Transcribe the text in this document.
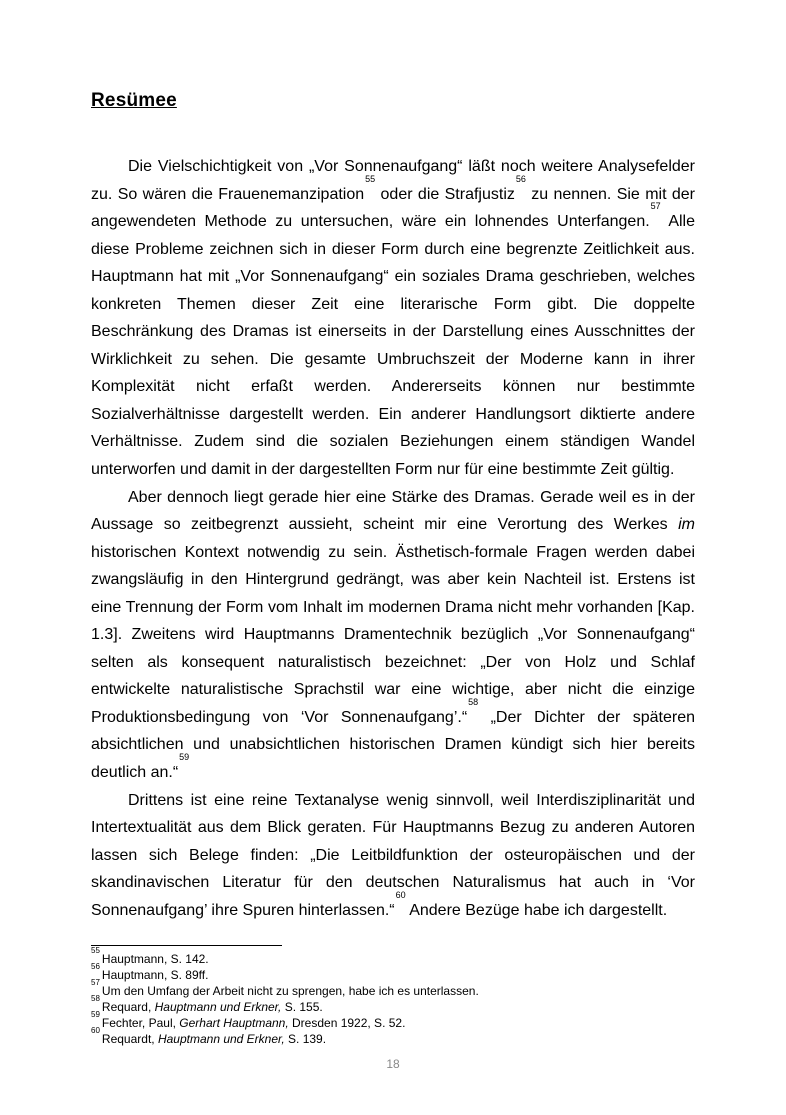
Resümee

Die Vielschichtigkeit von „Vor Sonnenaufgang“ läßt noch weitere Analysefelder zu. So wären die Frauenemanzipation$^{55}$ oder die Strafjustiz$^{56}$ zu nennen. Sie mit der angewendeten Methode zu untersuchen, wäre ein lohnendes Unterfangen.$^{57}$ Alle diese Probleme zeichnen sich in dieser Form durch eine begrenzte Zeitlichkeit aus. Hauptmann hat mit „Vor Sonnenaufgang“ ein soziales Drama geschrieben, welches konkreten Themen dieser Zeit eine literarische Form gibt. Die doppelte Beschränkung des Dramas ist einerseits in der Darstellung eines Ausschnittes der Wirklichkeit zu sehen. Die gesamte Umbruchszeit der Moderne kann in ihrer Komplexität nicht erfaßt werden. Andererseits können nur bestimmte Sozialverhältnisse dargestellt werden. Ein anderer Handlungsort diktierte andere Verhältnisse. Zudem sind die sozialen Beziehungen einem ständigen Wandel unterworfen und damit in der dargestellten Form nur für eine bestimmte Zeit gültig.

Aber dennoch liegt gerade hier eine Stärke des Dramas. Gerade weil es in der Aussage so zeitbegrenzt aussieht, scheint mir eine Verortung des Werkes im historischen Kontext notwendig zu sein. Ästhetisch-formale Fragen werden dabei zwangsläufig in den Hintergrund gedrängt, was aber kein Nachteil ist. Erstens ist eine Trennung der Form vom Inhalt im modernen Drama nicht mehr vorhanden [Kap. 1.3]. Zweitens wird Hauptmanns Dramentechnik bezüglich „Vor Sonnenaufgang“ selten als konsequent naturalistisch bezeichnet: „Der von Holz und Schlaf entwickelte naturalistische Sprachstil war eine wichtige, aber nicht die einzige Produktionsbedingung von ‘Vor Sonnenaufgang’.“$^{58}$ „Der Dichter der späteren absichtlichen und unabsichtlichen historischen Dramen kündigt sich hier bereits deutlich an.“$^{59}$

Drittens ist eine reine Textanalyse wenig sinnvoll, weil Interdisziplinarität und Intertextualität aus dem Blick geraten. Für Hauptmanns Bezug zu anderen Autoren lassen sich Belege finden: „Die Leitbildfunktion der osteuropäischen und der skandinavischen Literatur für den deutschen Naturalismus hat auch in ‘Vor Sonnenaufgang’ ihre Spuren hinterlassen.“$^{60}$ Andere Bezüge habe ich dargestellt.

$^{55}$Hauptmann, S. 142.
$^{56}$Hauptmann, S. 89ff.
$^{57}$Um den Umfang der Arbeit nicht zu sprengen, habe ich es unterlassen.
$^{58}$Requard, Hauptmann und Erkner, S. 155.
$^{59}$Fechter, Paul, Gerhart Hauptmann, Dresden 1922, S. 52.
$^{60}$Requardt, Hauptmann und Erkner, S. 139.
18
